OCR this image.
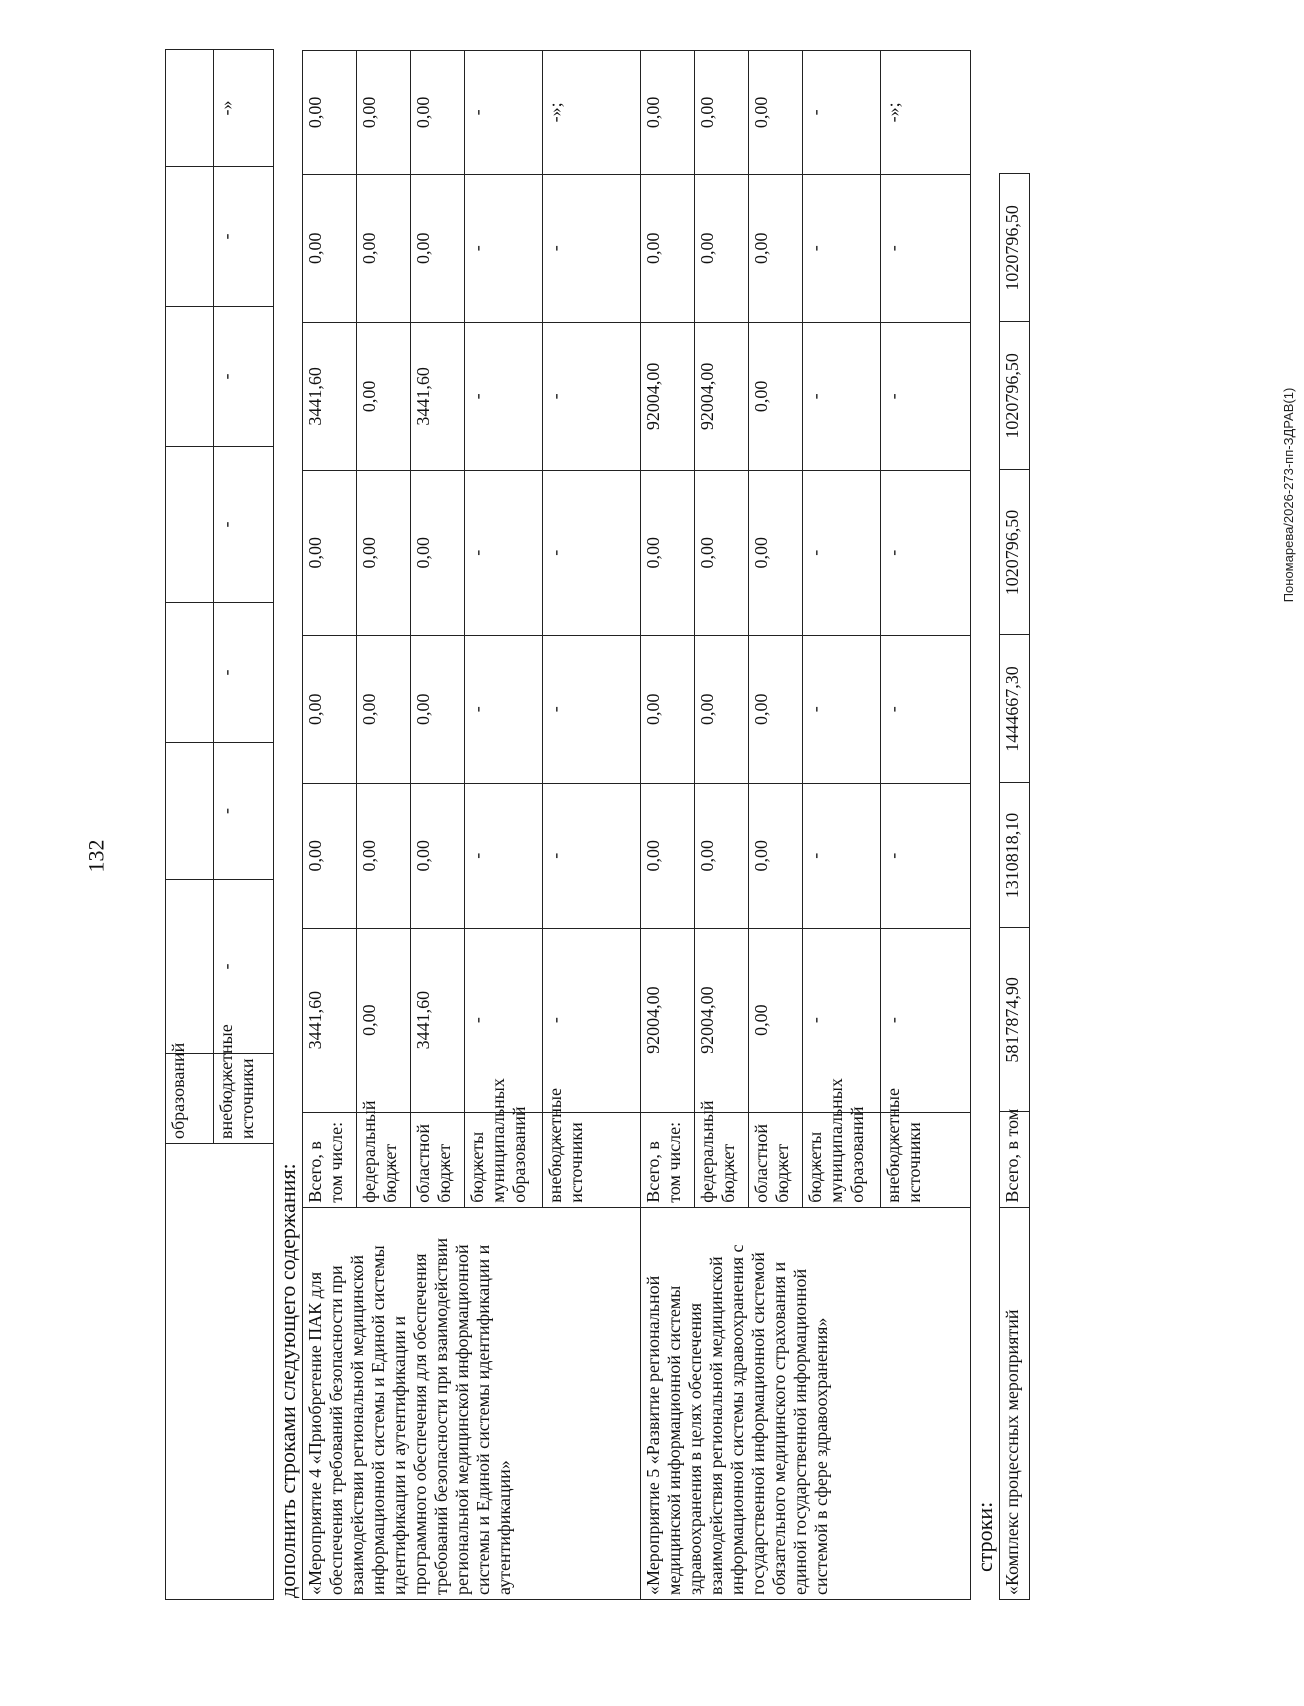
132
Пономарева/2026-273-пп-ЗДРАВ(1)
	образований							
	внебюджетные источники	-	-	-	-	-	-	-»
дополнить строками следующего содержания: «Мероприятие 4 «Приобретение ПАК для обеспечения требований безопасности при взаимодействии региональной медицинской информационной системы и Единой системы идентификации и аутентификации и программного обеспечения для обеспечения требований безопасности при взаимодействии региональной медицинской информационной системы и Единой системы идентификации и аутентификации»	Всего, в том числе:	3441,60	0,00	0,00	0,00	3441,60	0,00	0,00
	федеральный бюджет	0,00	0,00	0,00	0,00	0,00	0,00	0,00
	областной бюджет	3441,60	0,00	0,00	0,00	3441,60	0,00	0,00
	бюджеты муниципальных образований	-	-	-	-	-	-	-
	внебюджетные источники	-	-	-	-	-	-	-»;
«Мероприятие 5 «Развитие региональной медицинской информационной системы здравоохранения в целях обеспечения взаимодействия региональной медицинской информационной системы здравоохранения с государственной информационной системой обязательного медицинского страхования и единой государственной информационной системой в сфере здравоохранения»	Всего, в том числе:	92004,00	0,00	0,00	0,00	92004,00	0,00	0,00
	федеральный бюджет	92004,00	0,00	0,00	0,00	92004,00	0,00	0,00
	областной бюджет	0,00	0,00	0,00	0,00	0,00	0,00	0,00
	бюджеты муниципальных образований	-	-	-	-	-	-	-
	внебюджетные источники	-	-	-	-	-	-	-»;
строки: «Комплекс процессных мероприятий	Всего, в том	5817874,90	1310818,10	1444667,30	1020796,50	1020796,50	1020796,50	
